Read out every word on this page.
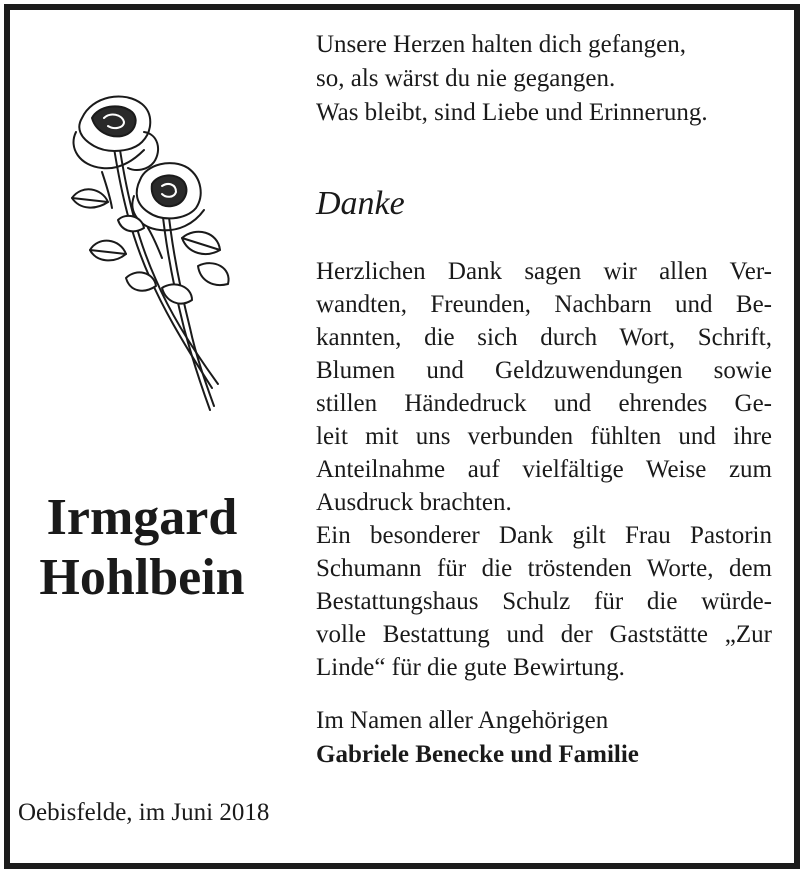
Irmgard
Hohlbein
Oebisfelde, im Juni 2018
Unsere Herzen halten dich gefangen,
so, als wärst du nie gegangen.
Was bleibt, sind Liebe und Erinnerung.
Danke
Herzlichen Dank sagen wir allen Ver-
wandten, Freunden, Nachbarn und Be-
kannten, die sich durch Wort, Schrift,
Blumen und Geldzuwendungen sowie
stillen Händedruck und ehrendes Ge-
leit mit uns verbunden fühlten und ihre
Anteilnahme auf vielfältige Weise zum
Ausdruck brachten.
Ein besonderer Dank gilt Frau Pastorin
Schumann für die tröstenden Worte, dem
Bestattungshaus Schulz für die würde-
volle Bestattung und der Gaststätte „Zur
Linde“ für die gute Bewirtung.
Im Namen aller Angehörigen
Gabriele Benecke und Familie
